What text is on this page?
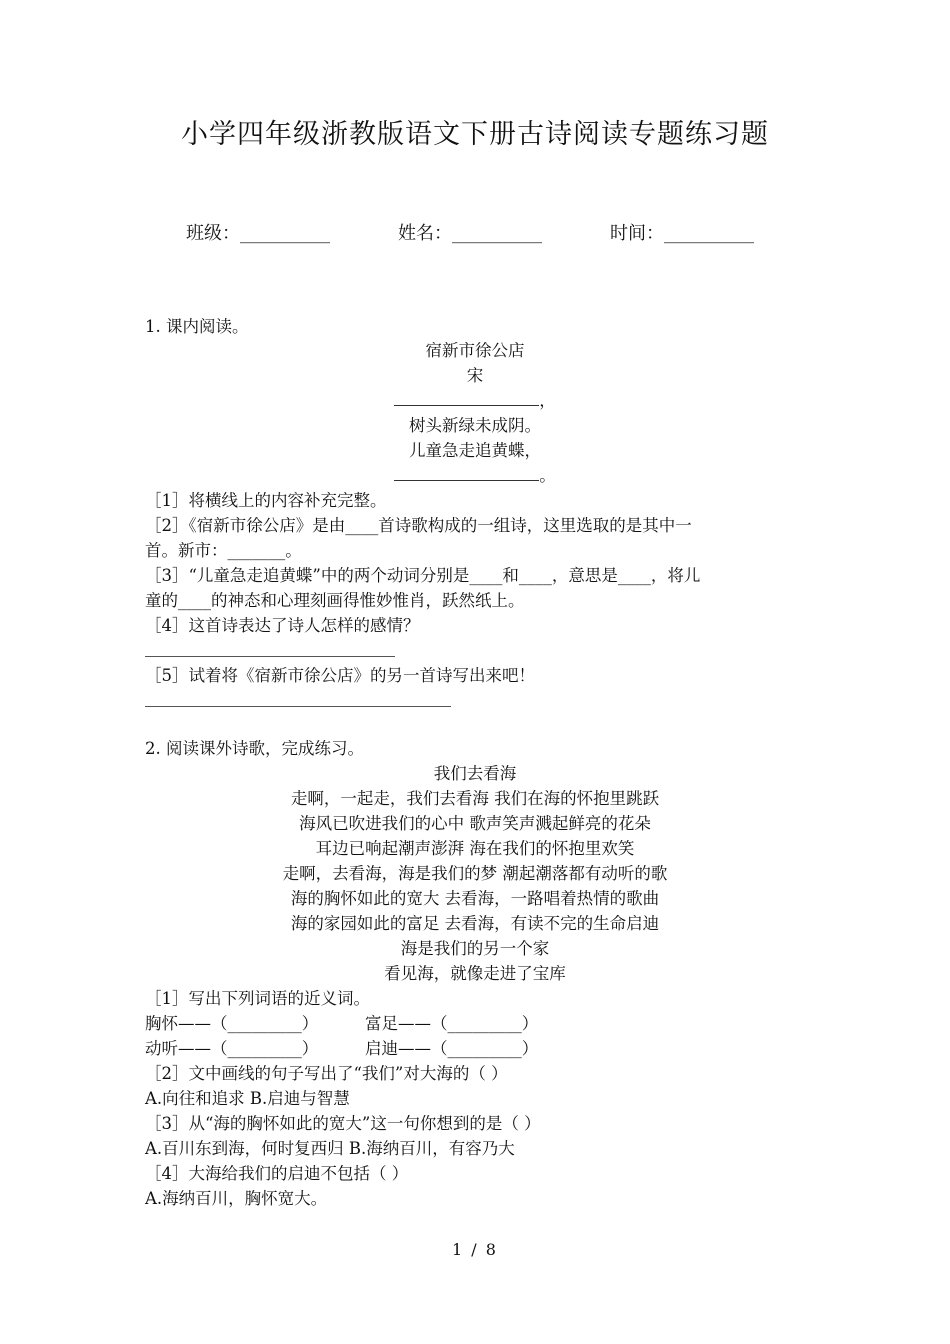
小学四年级浙教版语文下册古诗阅读专题练习题
班级：__________	姓名：__________	时间：__________
1. 课内阅读。
宿新市徐公店
宋
，
树头新绿未成阴。
儿童急走追黄蝶，
。
［1］将横线上的内容补充完整。
［2］《宿新市徐公店》是由____首诗歌构成的一组诗，这里选取的是其中一
首。新市：_______。
［3］“儿童急走追黄蝶”中的两个动词分别是____和____，意思是____，将儿
童的____的神态和心理刻画得惟妙惟肖，跃然纸上。
［4］这首诗表达了诗人怎样的感情？
［5］试着将《宿新市徐公店》的另一首诗写出来吧！
2. 阅读课外诗歌，完成练习。
我们去看海
走啊，一起走，我们去看海 我们在海的怀抱里跳跃
海风已吹进我们的心中 歌声笑声溅起鲜亮的花朵
耳边已响起潮声澎湃 海在我们的怀抱里欢笑
走啊，去看海，海是我们的梦 潮起潮落都有动听的歌
海的胸怀如此的宽大 去看海，一路唱着热情的歌曲
海的家园如此的富足 去看海，有读不完的生命启迪
海是我们的另一个家
看见海，就像走进了宝库
［1］写出下列词语的近义词。
胸怀——（_________）	富足——（_________）
动听——（_________）	启迪——（_________）
［2］文中画线的句子写出了“我们”对大海的（ ）
A.向往和追求 B.启迪与智慧
［3］从“海的胸怀如此的宽大”这一句你想到的是（ ）
A.百川东到海，何时复西归 B.海纳百川，有容乃大
［4］大海给我们的启迪不包括（ ）
A.海纳百川，胸怀宽大。
1 / 8
